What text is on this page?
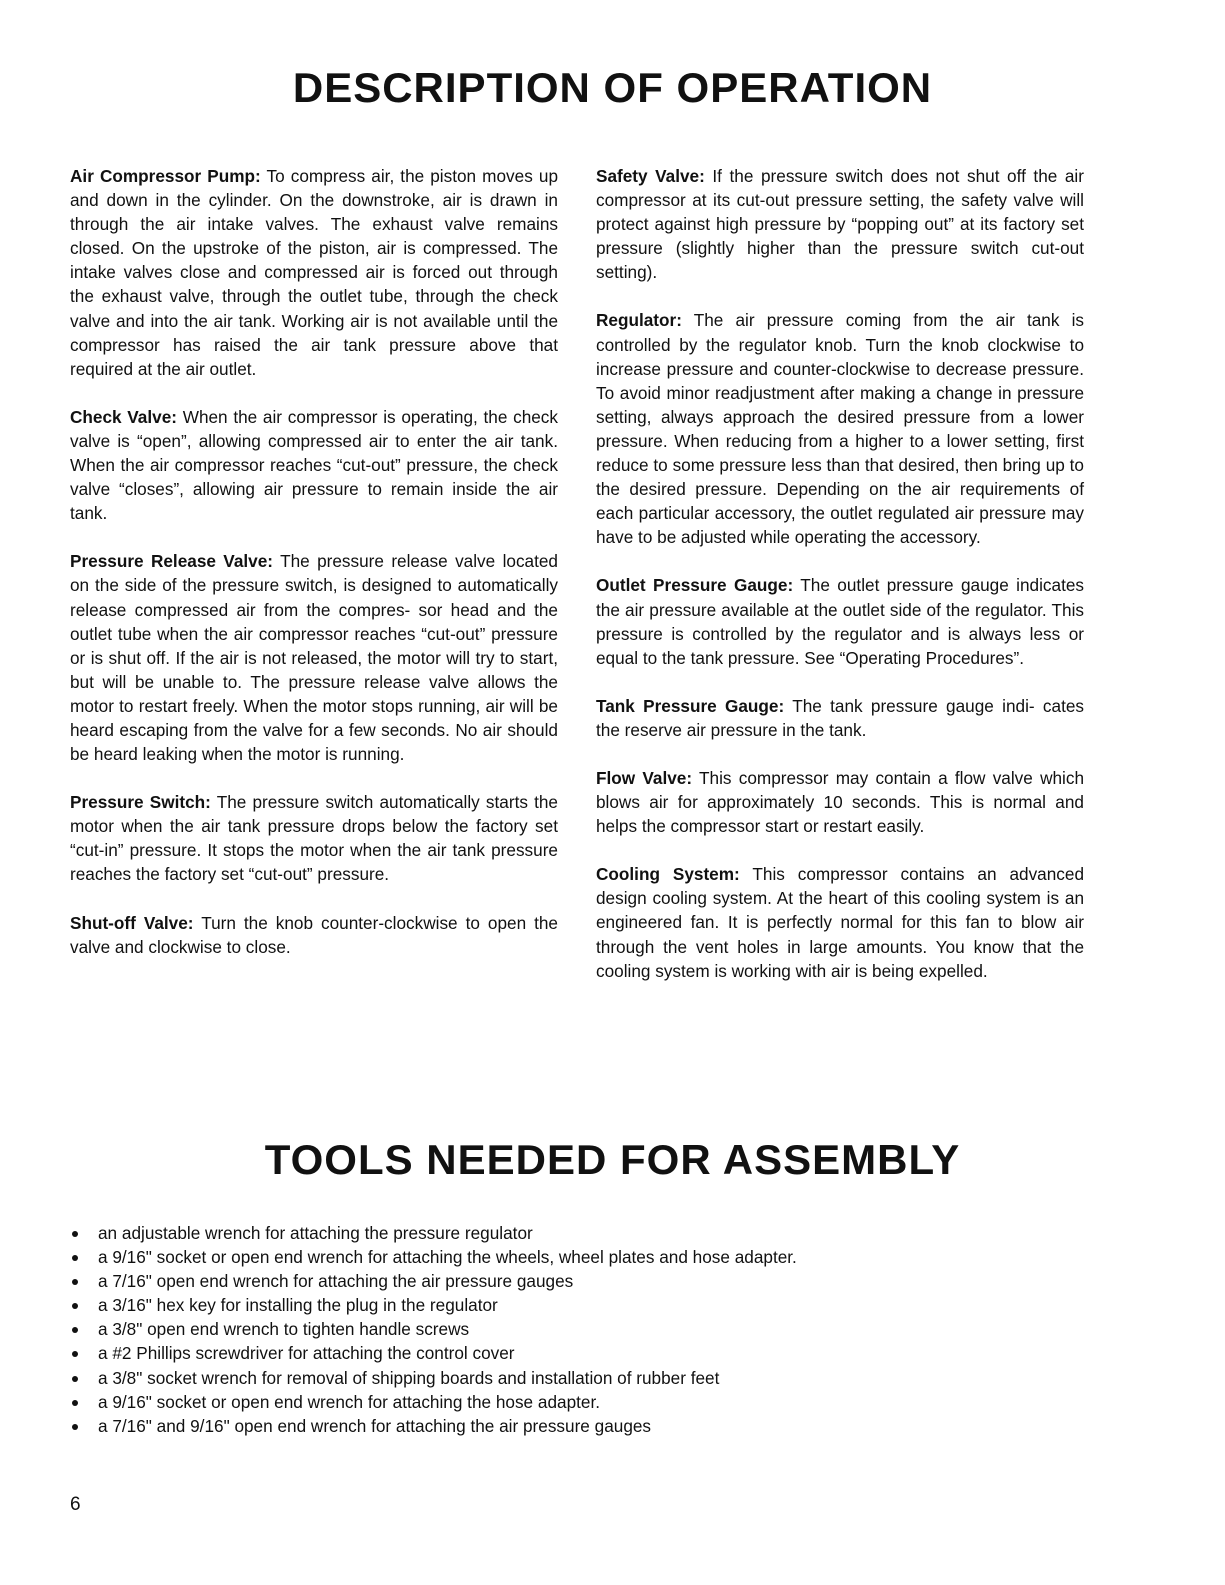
DESCRIPTION OF OPERATION

Air Compressor Pump: To compress air, the piston moves up and down in the cylinder. On the downstroke, air is drawn in through the air intake valves. The exhaust valve remains closed. On the upstroke of the piston, air is compressed. The intake valves close and compressed air is forced out through the exhaust valve, through the outlet tube, through the check valve and into the air tank. Working air is not available until the compressor has raised the air tank pressure above that required at the air outlet.

Check Valve: When the air compressor is operating, the check valve is “open”, allowing compressed air to enter the air tank. When the air compressor reaches “cut-out” pressure, the check valve “closes”, allowing air pressure to remain inside the air tank.

Pressure Release Valve: The pressure release valve located on the side of the pressure switch, is designed to automatically release compressed air from the compres- sor head and the outlet tube when the air compressor reaches “cut-out” pressure or is shut off. If the air is not released, the motor will try to start, but will be unable to. The pressure release valve allows the motor to restart freely. When the motor stops running, air will be heard escaping from the valve for a few seconds. No air should be heard leaking when the motor is running.

Pressure Switch: The pressure switch automatically starts the motor when the air tank pressure drops below the factory set “cut-in” pressure. It stops the motor when the air tank pressure reaches the factory set “cut-out” pressure.

Shut-off Valve: Turn the knob counter-clockwise to open the valve and clockwise to close.

Safety Valve: If the pressure switch does not shut off the air compressor at its cut-out pressure setting, the safety valve will protect against high pressure by “popping out” at its factory set pressure (slightly higher than the pressure switch cut-out setting).

Regulator: The air pressure coming from the air tank is controlled by the regulator knob. Turn the knob clockwise to increase pressure and counter-clockwise to decrease pressure. To avoid minor readjustment after making a change in pressure setting, always approach the desired pressure from a lower pressure. When reducing from a higher to a lower setting, first reduce to some pressure less than that desired, then bring up to the desired pressure. Depending on the air requirements of each particular accessory, the outlet regulated air pressure may have to be adjusted while operating the accessory.

Outlet Pressure Gauge: The outlet pressure gauge indicates the air pressure available at the outlet side of the regulator. This pressure is controlled by the regulator and is always less or equal to the tank pressure. See “Operating Procedures”.

Tank Pressure Gauge: The tank pressure gauge indi- cates the reserve air pressure in the tank.

Flow Valve: This compressor may contain a flow valve which blows air for approximately 10 seconds. This is normal and helps the compressor start or restart easily.

Cooling System: This compressor contains an advanced design cooling system. At the heart of this cooling system is an engineered fan. It is perfectly normal for this fan to blow air through the vent holes in large amounts. You know that the cooling system is working with air is being expelled.

TOOLS NEEDED FOR ASSEMBLY
an adjustable wrench for attaching the pressure regulator
a 9/16" socket or open end wrench for attaching the wheels, wheel plates and hose adapter.
a 7/16" open end wrench for attaching the air pressure gauges
a 3/16" hex key for installing the plug in the regulator
a 3/8" open end wrench to tighten handle screws
a #2 Phillips screwdriver for attaching the control cover
a 3/8" socket wrench for removal of shipping boards and installation of rubber feet
a 9/16" socket or open end wrench for attaching the hose adapter.
a 7/16" and 9/16" open end wrench for attaching the air pressure gauges

6
